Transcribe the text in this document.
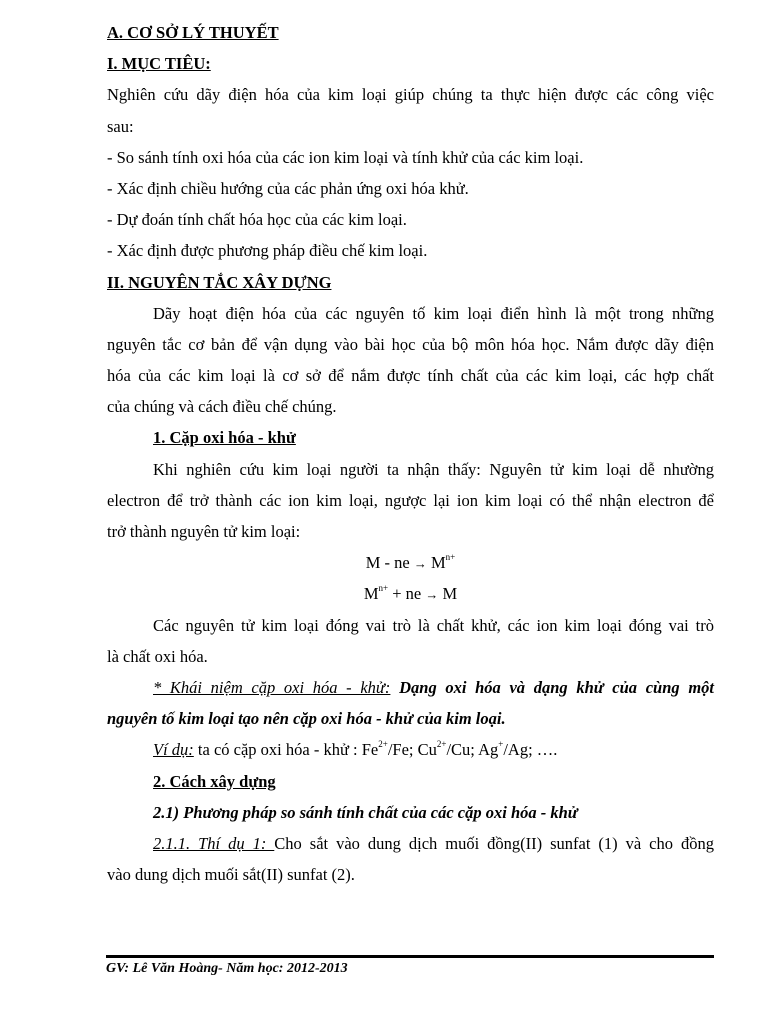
A. CƠ SỞ LÝ THUYẾT
I. MỤC TIÊU:
Nghiên cứu dãy điện hóa của kim loại giúp chúng ta thực hiện được các công việc
sau:
- So sánh tính oxi hóa của các ion kim loại và tính khử của các kim loại.
- Xác định chiều hướng của các phản ứng oxi hóa khử.
- Dự đoán tính chất hóa học của các kim loại.
- Xác định được phương pháp điều chế kim loại.
II. NGUYÊN TẮC XÂY DỰNG
Dãy hoạt điện hóa của các nguyên tố kim loại điển hình là một trong những
nguyên tắc cơ bản để vận dụng vào bài học của bộ môn hóa học. Nắm được dãy điện
hóa của các kim loại là cơ sở để nắm được tính chất của các kim loại, các hợp chất
của chúng và cách điều chế chúng.
1. Cặp oxi hóa - khử
Khi nghiên cứu kim loại người ta nhận thấy: Nguyên tử kim loại dễ nhường
electron để trở thành các ion kim loại, ngược lại ion kim loại có thể nhận electron để
trở thành nguyên tử kim loại:
M - ne → $M^{n+}$
$M^{n+}$ + ne → M
Các nguyên tử kim loại đóng vai trò là chất khử, các ion kim loại đóng vai trò
là chất oxi hóa.
* Khái niệm cặp oxi hóa - khử: Dạng oxi hóa và dạng khử của cùng một
nguyên tố kim loại tạo nên cặp oxi hóa - khử của kim loại.
Ví dụ: ta có cặp oxi hóa - khử : $Fe^{2+}/Fe$; $Cu^{2+}/Cu$; Ag+/Ag; ….
2. Cách xây dựng
2.1) Phương pháp so sánh tính chất của các cặp oxi hóa - khử
2.1.1. Thí dụ 1: Cho sắt vào dung dịch muối đồng(II) sunfat (1) và cho đồng
vào dung dịch muối sắt(II) sunfat (2).
GV: Lê Văn Hoàng- Năm học: 2012-2013
